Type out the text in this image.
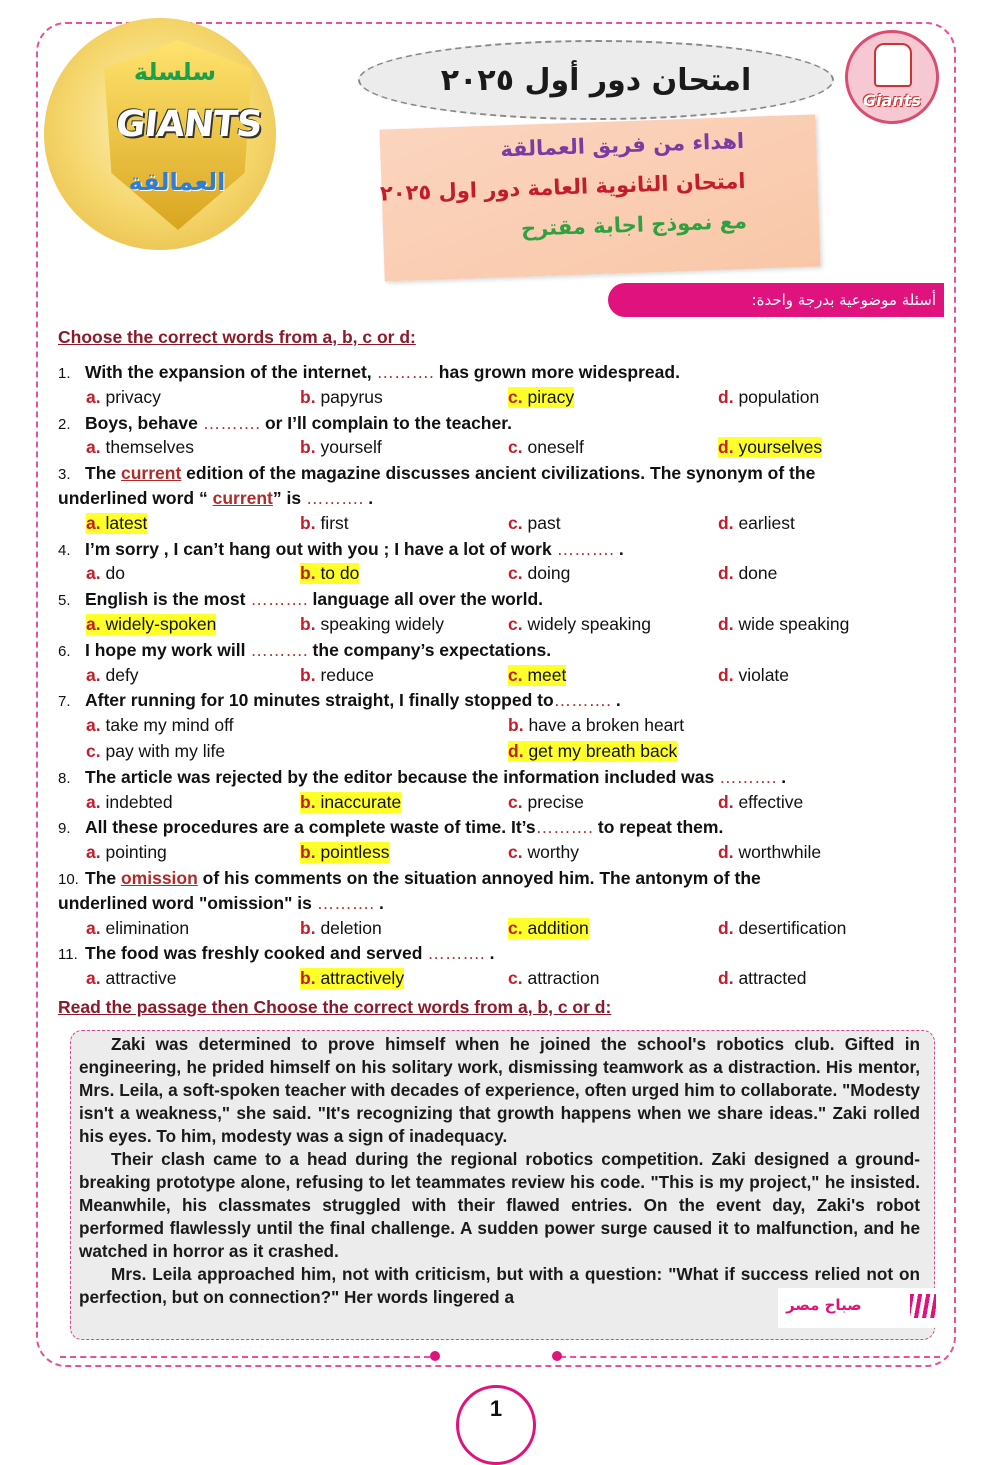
سلسلة
GIANTS
العمالقة
امتحان دور أول ٢٠٢٥
Giants
اهداء من فريق العمالقة
امتحان الثانوية العامة دور اول ٢٠٢٥
مع نموذج اجابة مقترح
أسئلة موضوعية بدرجة واحدة:
Choose the correct words from a, b, c or d:
1. With the expansion of the internet, ………. has grown more widespread.
a. privacy	b. papyrus	c. piracy	d. population
2. Boys, behave ………. or I’ll complain to the teacher.
a. themselves	b. yourself	c. oneself	d. yourselves
3. The current edition of the magazine discusses ancient civilizations. The synonym of the
underlined word “ current” is ………. .
a. latest	b. first	c. past	d. earliest
4. I’m sorry , I can’t hang out with you ; I have a lot of work ………. .
a. do	b. to do	c. doing	d. done
5. English is the most ………. language all over the world.
a. widely-spoken	b. speaking widely	c. widely speaking	d. wide speaking
6. I hope my work will ………. the company’s expectations.
a. defy	b. reduce	c. meet	d. violate
7. After running for 10 minutes straight, I finally stopped to………. .
a. take my mind off	b. have a broken heart
c. pay with my life	d. get my breath back
8. The article was rejected by the editor because the information included was ………. .
a. indebted	b. inaccurate	c. precise	d. effective
9. All these procedures are a complete waste of time. It’s………. to repeat them.
a. pointing	b. pointless	c. worthy	d. worthwhile
10. The omission of his comments on the situation annoyed him. The antonym of the
underlined word "omission" is ………. .
a. elimination	b. deletion	c. addition	d. desertification
11. The food was freshly cooked and served ………. .
a. attractive	b. attractively	c. attraction	d. attracted
Read the passage then Choose the correct words from a, b, c or d:

Zaki was determined to prove himself when he joined the school's robotics club. Gifted in engineering, he prided himself on his solitary work, dismissing teamwork as a distraction. His mentor, Mrs. Leila, a soft-spoken teacher with decades of experience, often urged him to collaborate. "Modesty isn't a weakness," she said. "It's recognizing that growth happens when we share ideas." Zaki rolled his eyes. To him, modesty was a sign of inadequacy.

Their clash came to a head during the regional robotics competition. Zaki designed a ground-breaking prototype alone, refusing to let teammates review his code. "This is my project," he insisted. Meanwhile, his classmates struggled with their flawed entries. On the event day, Zaki's robot performed flawlessly until the final challenge. A sudden power surge caused it to malfunction, and he watched in horror as it crashed.

Mrs. Leila approached him, not with criticism, but with a question: "What if success relied not on perfection, but on connection?" Her words lingered a	صباح مصر
1
